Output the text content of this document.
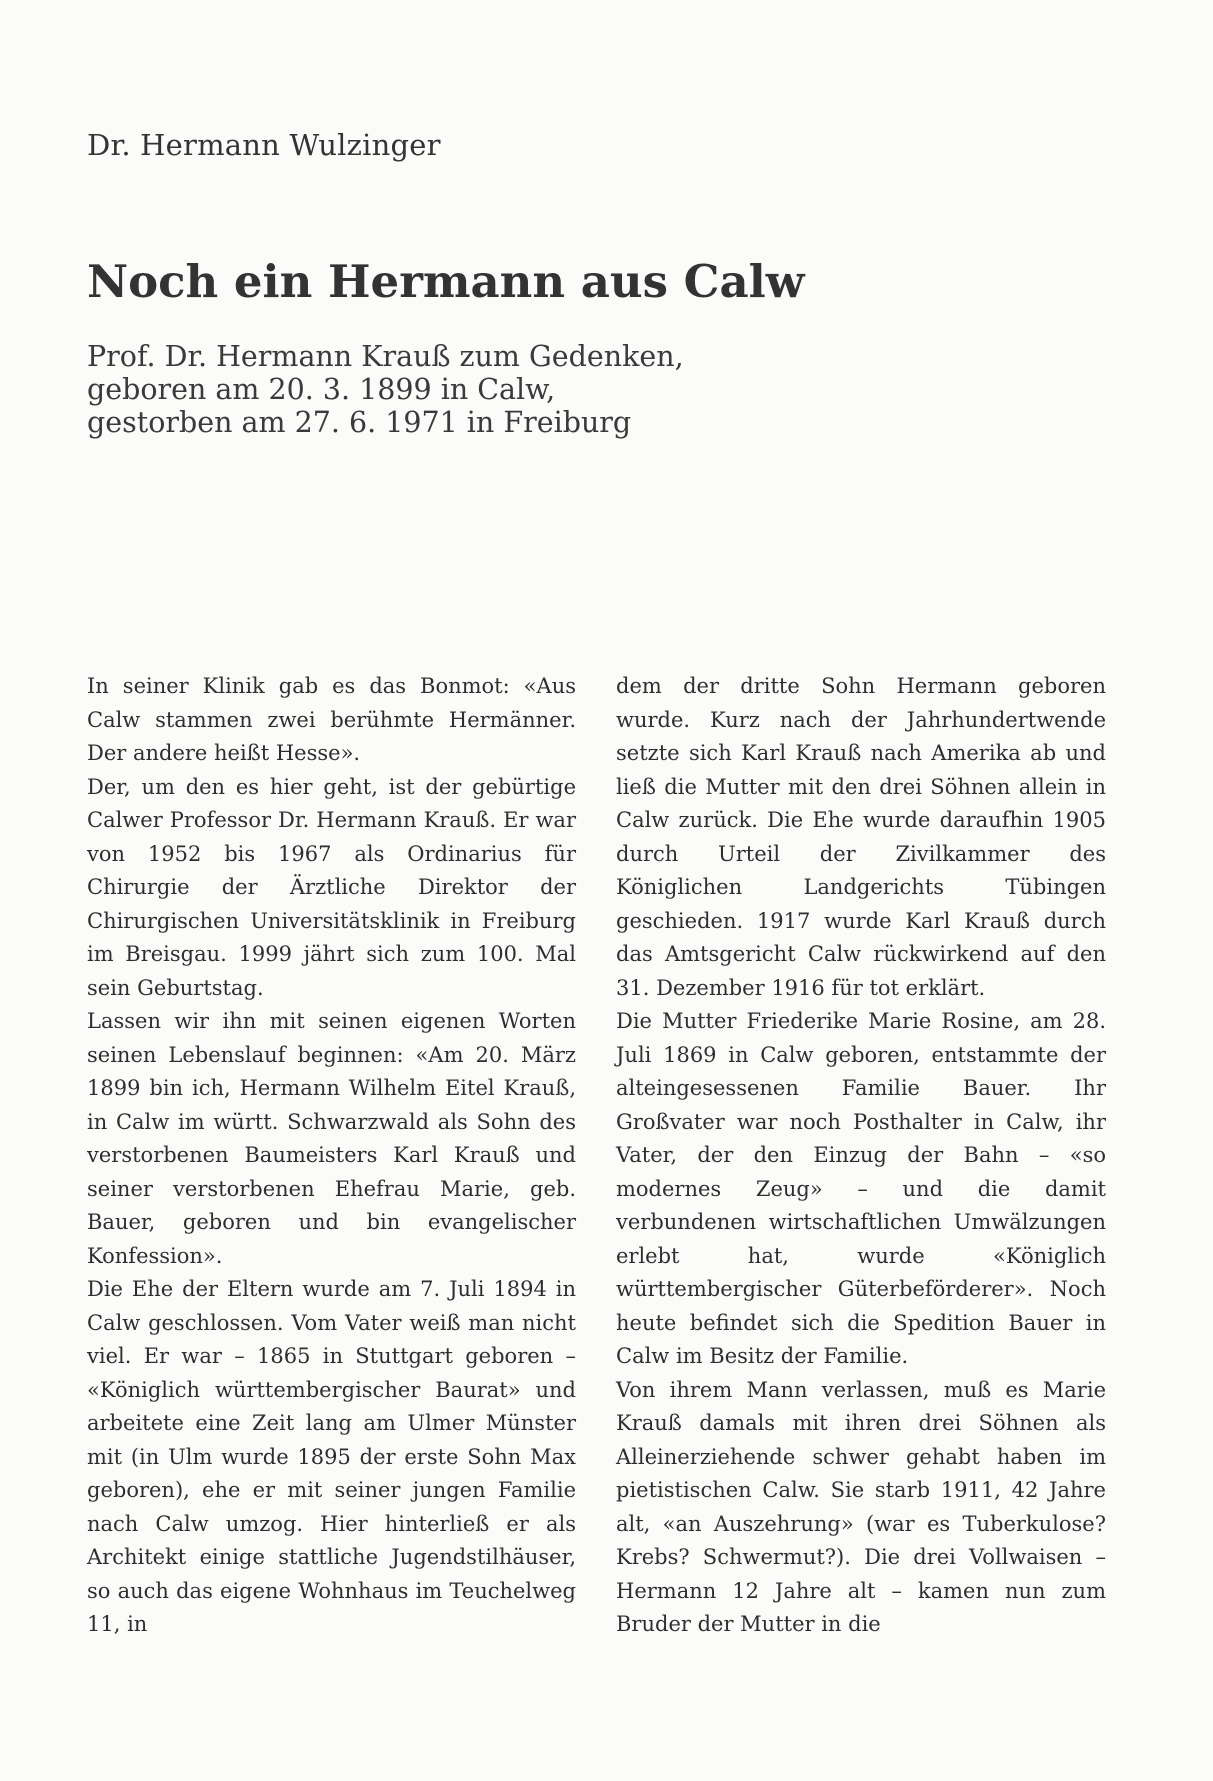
Dr. Hermann Wulzinger
Noch ein Hermann aus Calw
Prof. Dr. Hermann Krauß zum Gedenken,
geboren am 20. 3. 1899 in Calw,
gestorben am 27. 6. 1971 in Freiburg

In seiner Klinik gab es das Bonmot: «Aus Calw stammen zwei berühmte Hermänner. Der andere heißt Hesse».

Der, um den es hier geht, ist der gebürtige Calwer Professor Dr. Hermann Krauß. Er war von 1952 bis 1967 als Ordinarius für Chirurgie der Ärztliche Direktor der Chirurgischen Universitätsklinik in Freiburg im Breisgau. 1999 jährt sich zum 100. Mal sein Geburtstag.

Lassen wir ihn mit seinen eigenen Worten seinen Lebenslauf beginnen: «Am 20. März 1899 bin ich, Hermann Wilhelm Eitel Krauß, in Calw im württ. Schwarzwald als Sohn des verstorbenen Baumeisters Karl Krauß und seiner verstorbenen Ehefrau Marie, geb. Bauer, geboren und bin evangelischer Konfession».

Die Ehe der Eltern wurde am 7. Juli 1894 in Calw geschlossen. Vom Vater weiß man nicht viel. Er war – 1865 in Stuttgart geboren – «Königlich württembergischer Baurat» und arbeitete eine Zeit lang am Ulmer Münster mit (in Ulm wurde 1895 der erste Sohn Max geboren), ehe er mit seiner jungen Familie nach Calw umzog. Hier hinterließ er als Architekt einige stattliche Jugendstilhäuser, so auch das eigene Wohnhaus im Teuchelweg 11, in

dem der dritte Sohn Hermann geboren wurde. Kurz nach der Jahrhundertwende setzte sich Karl Krauß nach Amerika ab und ließ die Mutter mit den drei Söhnen allein in Calw zurück. Die Ehe wurde daraufhin 1905 durch Urteil der Zivilkammer des Königlichen Landgerichts Tübingen geschieden. 1917 wurde Karl Krauß durch das Amtsgericht Calw rückwirkend auf den 31. Dezember 1916 für tot erklärt.

Die Mutter Friederike Marie Rosine, am 28. Juli 1869 in Calw geboren, entstammte der alteingesessenen Familie Bauer. Ihr Großvater war noch Posthalter in Calw, ihr Vater, der den Einzug der Bahn – «so modernes Zeug» – und die damit verbundenen wirtschaftlichen Umwälzungen erlebt hat, wurde «Königlich württembergischer Güterbeförderer». Noch heute befindet sich die Spedition Bauer in Calw im Besitz der Familie.

Von ihrem Mann verlassen, muß es Marie Krauß damals mit ihren drei Söhnen als Alleinerziehende schwer gehabt haben im pietistischen Calw. Sie starb 1911, 42 Jahre alt, «an Auszehrung» (war es Tuberkulose? Krebs? Schwermut?). Die drei Vollwaisen – Hermann 12 Jahre alt – kamen nun zum Bruder der Mutter in die
